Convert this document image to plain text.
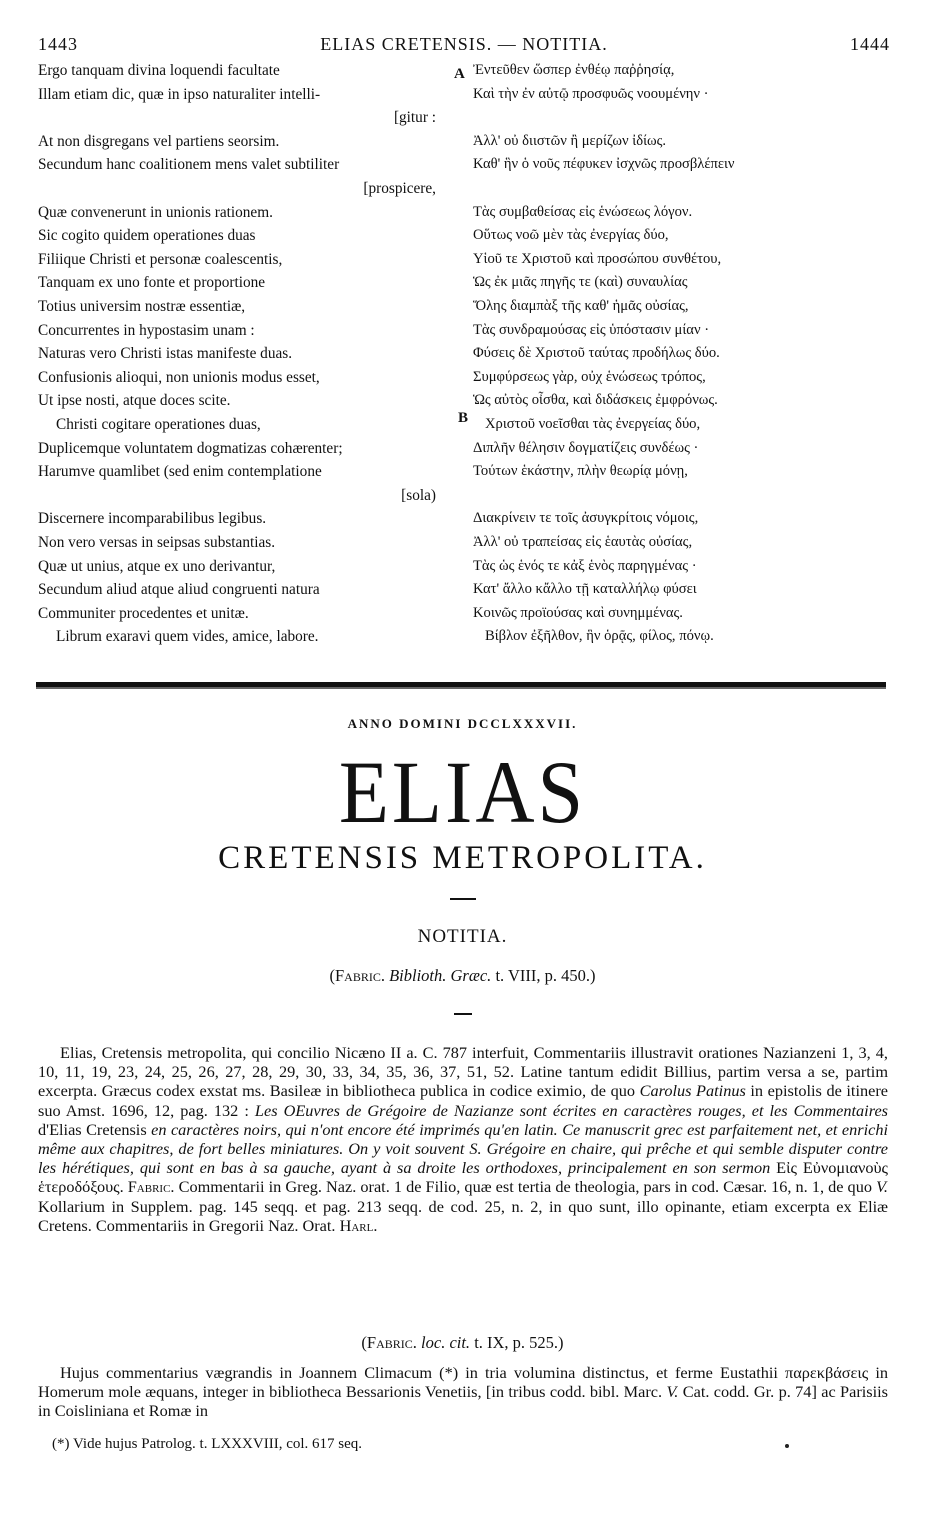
1443	ELIAS CRETENSIS. — NOTITIA.	1444
A
B
Ergo tanquam divina loquendi facultate	Ἐντεῦθεν ὥσπερ ἐνθέῳ παῤῥησίᾳ,
Illam etiam dic, quæ in ipso naturaliter intelli-	Καὶ τὴν ἐν αὐτῷ προσφυῶς νοουμένην ·
[gitur :
At non disgregans vel partiens seorsim.	Ἀλλ' οὐ διιστῶν ἢ μερίζων ἰδίως.
Secundum hanc coalitionem mens valet subtiliter	Καθ' ἣν ὁ νοῦς πέφυκεν ἰσχνῶς προσβλέπειν
[prospicere,
Quæ convenerunt in unionis rationem.	Τὰς συμβαθείσας εἰς ἑνώσεως λόγον.
Sic cogito quidem operationes duas	Οὕτως νοῶ μὲν τὰς ἐνεργίας δύο,
Filiique Christi et personæ coalescentis,	Υἱοῦ τε Χριστοῦ καὶ προσώπου συνθέτου,
Tanquam ex uno fonte et proportione	Ὡς ἐκ μιᾶς πηγῆς τε (καὶ) συναυλίας
Totius universim nostræ essentiæ,	Ὅλης διαμπὰξ τῆς καθ' ἡμᾶς οὐσίας,
Concurrentes in hypostasim unam :	Τὰς συνδραμούσας εἰς ὑπόστασιν μίαν ·
Naturas vero Christi istas manifeste duas.	Φύσεις δὲ Χριστοῦ ταύτας προδήλως δύο.
Confusionis alioqui, non unionis modus esset,	Συμφύρσεως γὰρ, οὐχ ἑνώσεως τρόπος,
Ut ipse nosti, atque doces scite.	Ὡς αὐτὸς οἶσθα, καὶ διδάσκεις ἐμφρόνως.
Christi cogitare operationes duas,	Χριστοῦ νοεῖσθαι τὰς ἐνεργείας δύο,
Duplicemque voluntatem dogmatizas cohærenter;	Διπλῆν θέλησιν δογματίζεις συνδέως ·
Harumve quamlibet (sed enim contemplatione	Τούτων ἑκάστην, πλὴν θεωρίᾳ μόνῃ,
[sola)
Discernere incomparabilibus legibus.	Διακρίνειν τε τοῖς ἀσυγκρίτοις νόμοις,
Non vero versas in seipsas substantias.	Ἀλλ' οὐ τραπείσας εἰς ἑαυτὰς οὐσίας,
Quæ ut unius, atque ex uno derivantur,	Τὰς ὡς ἑνός τε κἀξ ἑνὸς παρηγμένας ·
Secundum aliud atque aliud congruenti natura	Κατ' ἄλλο κἄλλο τῇ καταλλήλῳ φύσει
Communiter procedentes et unitæ.	Κοινῶς προϊούσας καὶ συνημμένας.
Librum exaravi quem vides, amice, labore.	Βίβλον ἐξῆλθον, ἣν ὁρᾷς, φίλος, πόνῳ.
ANNO DOMINI DCCLXXXVII.
ELIAS
CRETENSIS METROPOLITA.
NOTITIA.
(Fabric. Biblioth. Græc. t. VIII, p. 450.)

Elias, Cretensis metropolita, qui concilio Nicæno II a. C. 787 interfuit, Commentariis illustravit orationes Nazianzeni 1, 3, 4, 10, 11, 19, 23, 24, 25, 26, 27, 28, 29, 30, 33, 34, 35, 36, 37, 51, 52. Latine tantum edidit Billius, partim versa a se, partim excerpta. Græcus codex exstat ms. Basileæ in bibliotheca publica in codice eximio, de quo Carolus Patinus in epistolis de itinere suo Amst. 1696, 12, pag. 132 : Les OEuvres de Grégoire de Nazianze sont écrites en caractères rouges, et les Commentaires d'Elias Cretensis en caractères noirs, qui n'ont encore été imprimés qu'en latin. Ce manuscrit grec est parfaitement net, et enrichi même aux chapitres, de fort belles miniatures. On y voit souvent S. Grégoire en chaire, qui prêche et qui semble disputer contre les hérétiques, qui sont en bas à sa gauche, ayant à sa droite les orthodoxes, principalement en son sermon Εἰς Εὐνομιανοὺς ἑτεροδόξους. Fabric. Commentarii in Greg. Naz. orat. 1 de Filio, quæ est tertia de theologia, pars in cod. Cæsar. 16, n. 1, de quo V. Kollarium in Supplem. pag. 145 seqq. et pag. 213 seqq. de cod. 25, n. 2, in quo sunt, illo opinante, etiam excerpta ex Eliæ Cretens. Commentariis in Gregorii Naz. Orat. Harl.

(Fabric. loc. cit. t. IX, p. 525.)

Hujus commentarius vægrandis in Joannem Climacum (*) in tria volumina distinctus, et ferme Eustathii παρεκβάσεις in Homerum mole æquans, integer in bibliotheca Bessarionis Venetiis, [in tribus codd. bibl. Marc. V. Cat. codd. Gr. p. 74] ac Parisiis in Coisliniana et Romæ in

(*) Vide hujus Patrolog. t. LXXXVIII, col. 617 seq.
